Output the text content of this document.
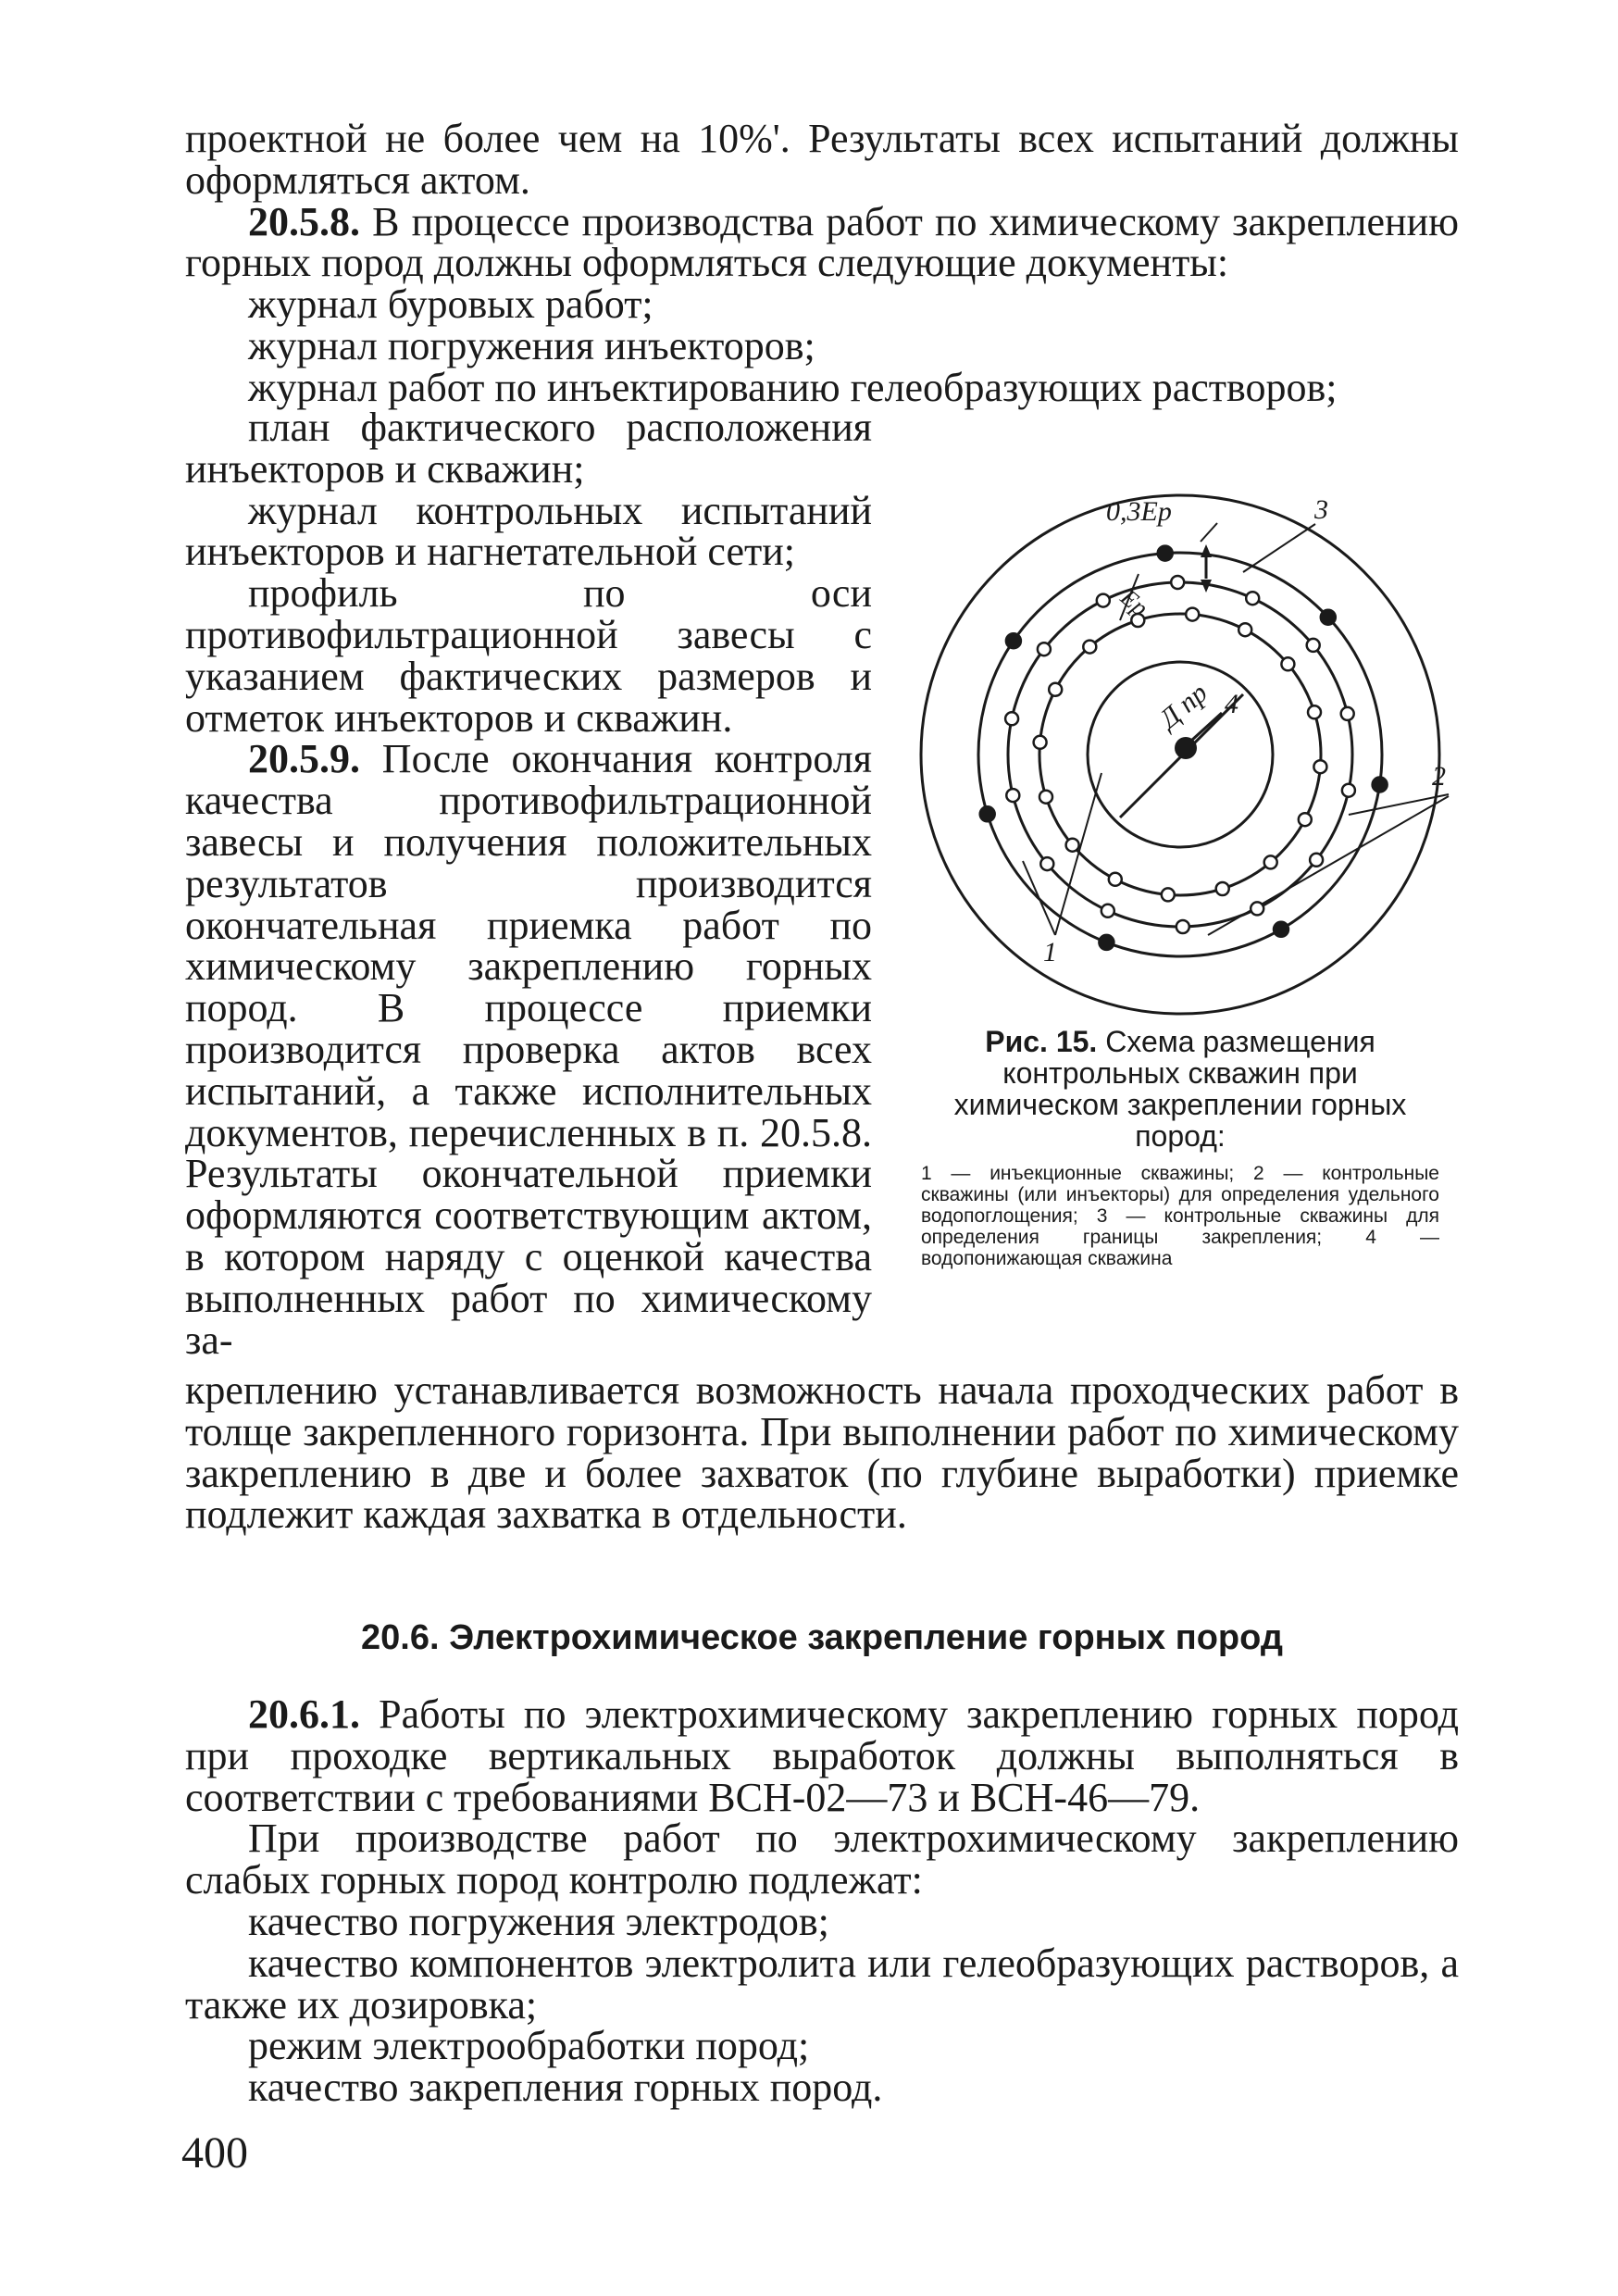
проектной не более чем на 10%'. Результаты всех испытаний должны оформляться актом.

20.5.8. В процессе производства работ по химическому закреплению горных пород должны оформляться следующие документы:

журнал буровых работ;

журнал погружения инъекторов;

журнал работ по инъектированию гелеобразующих растворов;

план фактического расположения инъекторов и скважин;

журнал контрольных испытаний инъекторов и нагнетательной сети;

профиль по оси противофильтрационной завесы с указанием фактических размеров и отметок инъекторов и скважин.

20.5.9. После окончания контроля качества противофильтрационной завесы и получения положительных результатов производится окончательная приемка работ по химическому закреплению горных пород. В процессе приемки производится проверка актов всех испытаний, а также исполнительных документов, перечисленных в п. 20.5.8. Результаты окончательной приемки оформляются соответствующим актом, в котором наряду с оценкой качества выполненных работ по химическому за-

0,3Ep
Ep
Д пр 4
3
2
1
Рис. 15. Схема размещения контрольных скважин при химическом закреплении горных пород:
1 — инъекционные скважины; 2 — контрольные скважины (или инъекторы) для определения удельного водопоглощения; 3 — контрольные скважины для определения границы закрепления; 4 — водопонижающая скважина
креплению устанавливается возможность начала проходческих работ в толще закрепленного горизонта. При выполнении работ по химическому закреплению в две и более захваток (по глубине выработки) приемке подлежит каждая захватка в отдельности.
20.6. Электрохимическое закрепление горных пород

20.6.1. Работы по электрохимическому закреплению горных пород при проходке вертикальных выработок должны выполняться в соответствии с требованиями ВСН-02—73 и ВСН-46—79.

При производстве работ по электрохимическому закреплению слабых горных пород контролю подлежат:

качество погружения электродов;

качество компонентов электролита или гелеобразующих растворов, а также их дозировка;

режим электрообработки пород;

качество закрепления горных пород.

400
